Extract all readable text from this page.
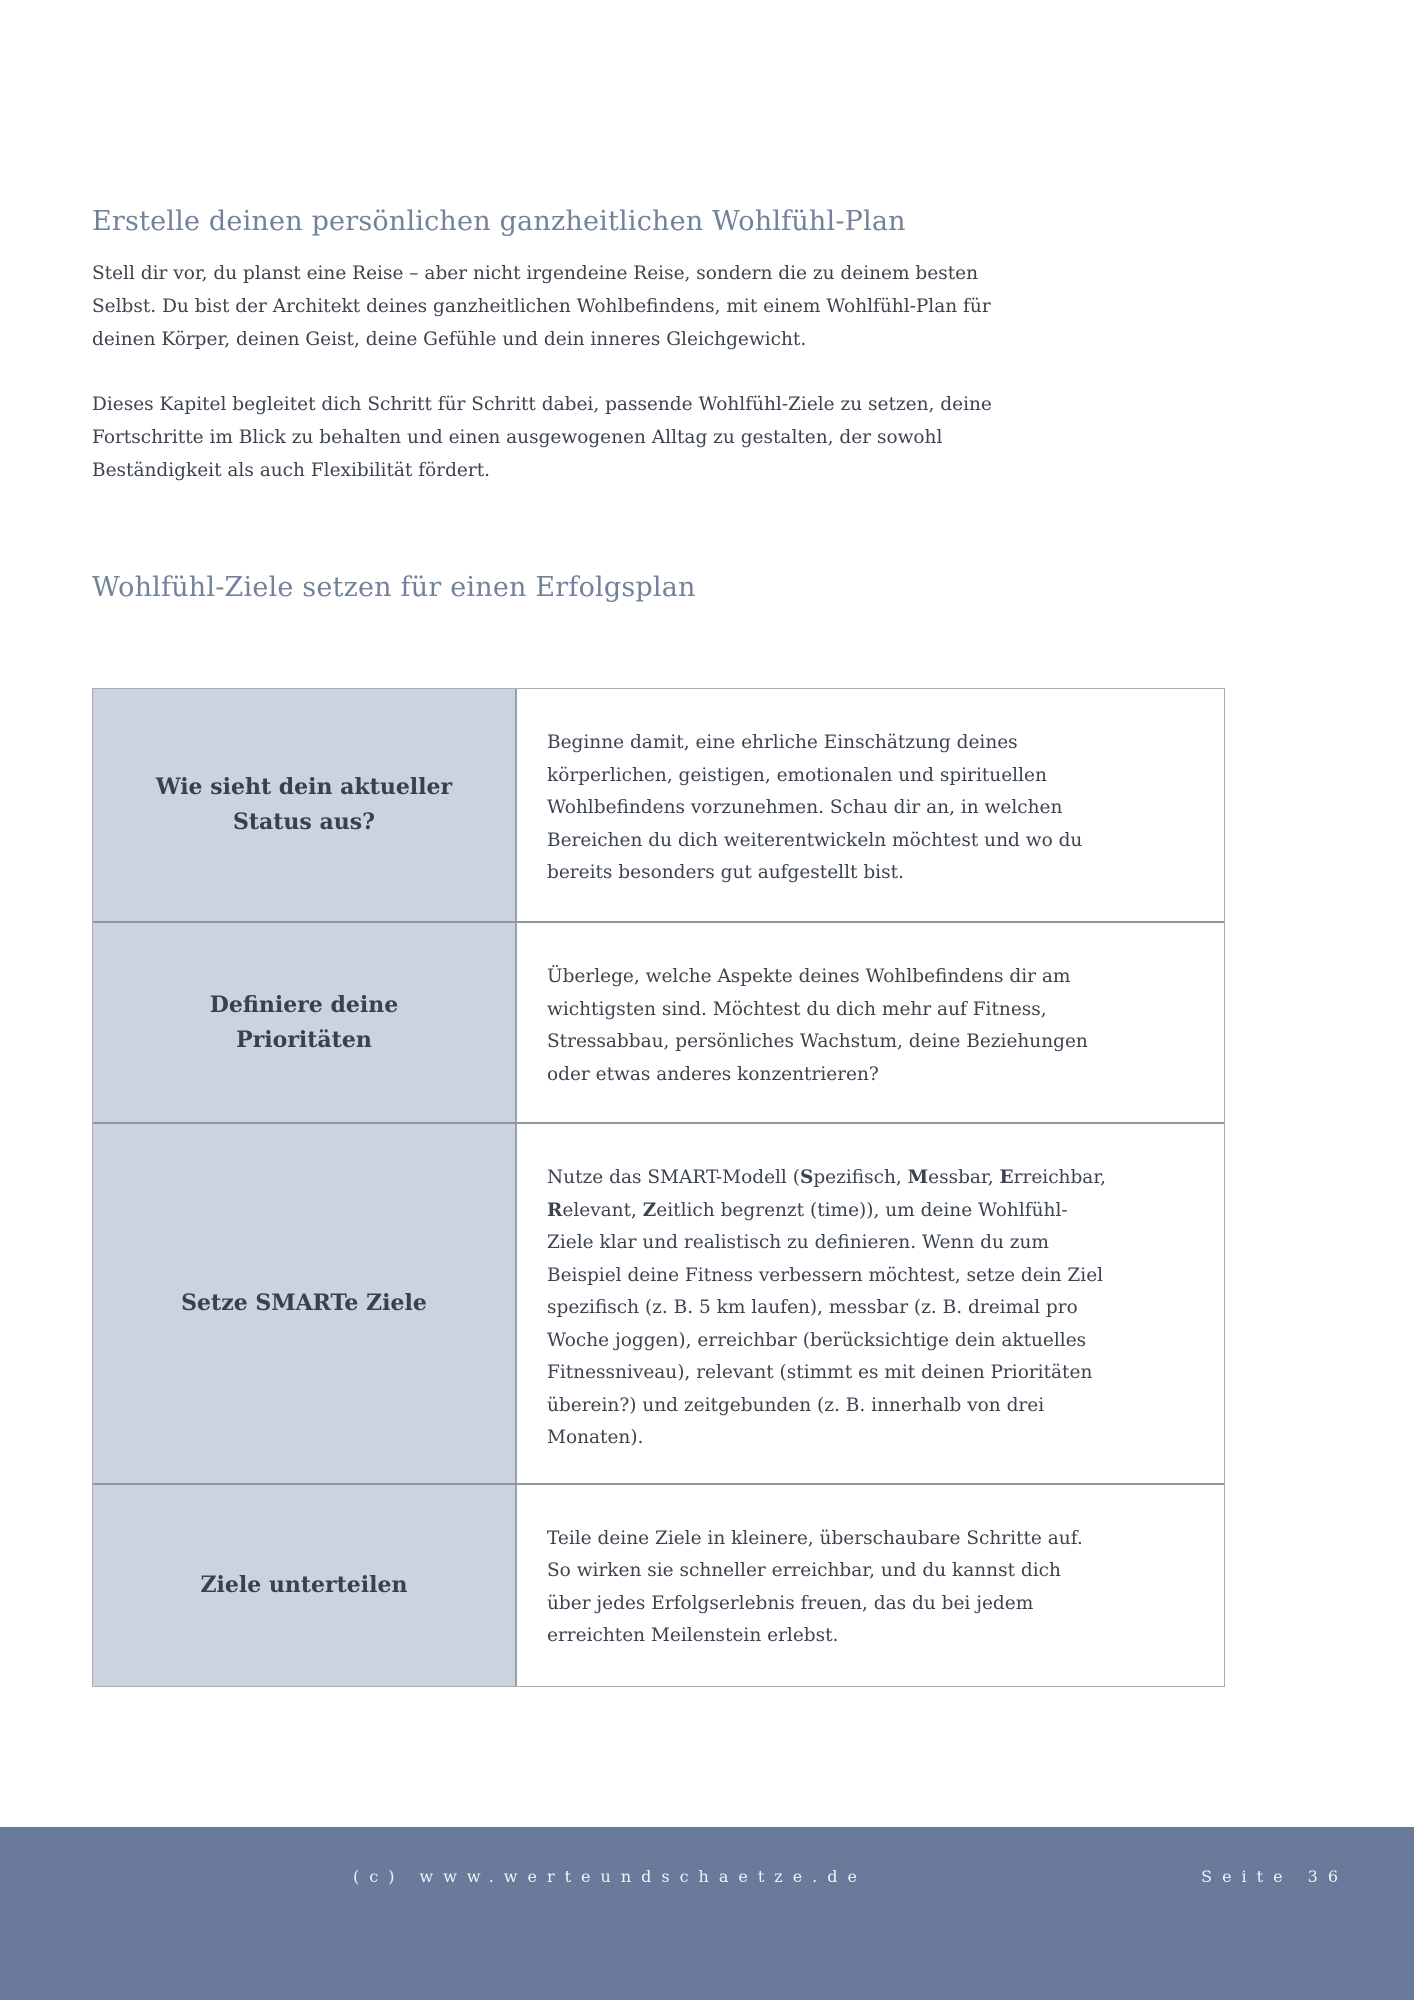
Erstelle deinen persönlichen ganzheitlichen Wohlfühl-Plan

Stell dir vor, du planst eine Reise – aber nicht irgendeine Reise, sondern die zu deinem besten Selbst. Du bist der Architekt deines ganzheitlichen Wohlbefindens, mit einem Wohlfühl-Plan für deinen Körper, deinen Geist, deine Gefühle und dein inneres Gleichgewicht.

Dieses Kapitel begleitet dich Schritt für Schritt dabei, passende Wohlfühl-Ziele zu setzen, deine Fortschritte im Blick zu behalten und einen ausgewogenen Alltag zu gestalten, der sowohl Beständigkeit als auch Flexibilität fördert.

Wohlfühl-Ziele setzen für einen Erfolgsplan
Wie sieht dein aktueller Status aus?
Beginne damit, eine ehrliche Einschätzung deines körperlichen, geistigen, emotionalen und spirituellen Wohlbefindens vorzunehmen. Schau dir an, in welchen Bereichen du dich weiterentwickeln möchtest und wo du bereits besonders gut aufgestellt bist.
Definiere deine Prioritäten
Überlege, welche Aspekte deines Wohlbefindens dir am wichtigsten sind. Möchtest du dich mehr auf Fitness, Stressabbau, persönliches Wachstum, deine Beziehungen oder etwas anderes konzentrieren?
Setze SMARTe Ziele
Nutze das SMART-Modell (Spezifisch, Messbar, Erreichbar, Relevant, Zeitlich begrenzt (time)), um deine Wohlfühl-Ziele klar und realistisch zu definieren. Wenn du zum Beispiel deine Fitness verbessern möchtest, setze dein Ziel spezifisch (z. B. 5 km laufen), messbar (z. B. dreimal pro Woche joggen), erreichbar (berücksichtige dein aktuelles Fitnessniveau), relevant (stimmt es mit deinen Prioritäten überein?) und zeitgebunden (z. B. innerhalb von drei Monaten).
Ziele unterteilen
Teile deine Ziele in kleinere, überschaubare Schritte auf. So wirken sie schneller erreichbar, und du kannst dich über jedes Erfolgserlebnis freuen, das du bei jedem erreichten Meilenstein erlebst.
(c) www.werteundschaetze.de	Seite 36
